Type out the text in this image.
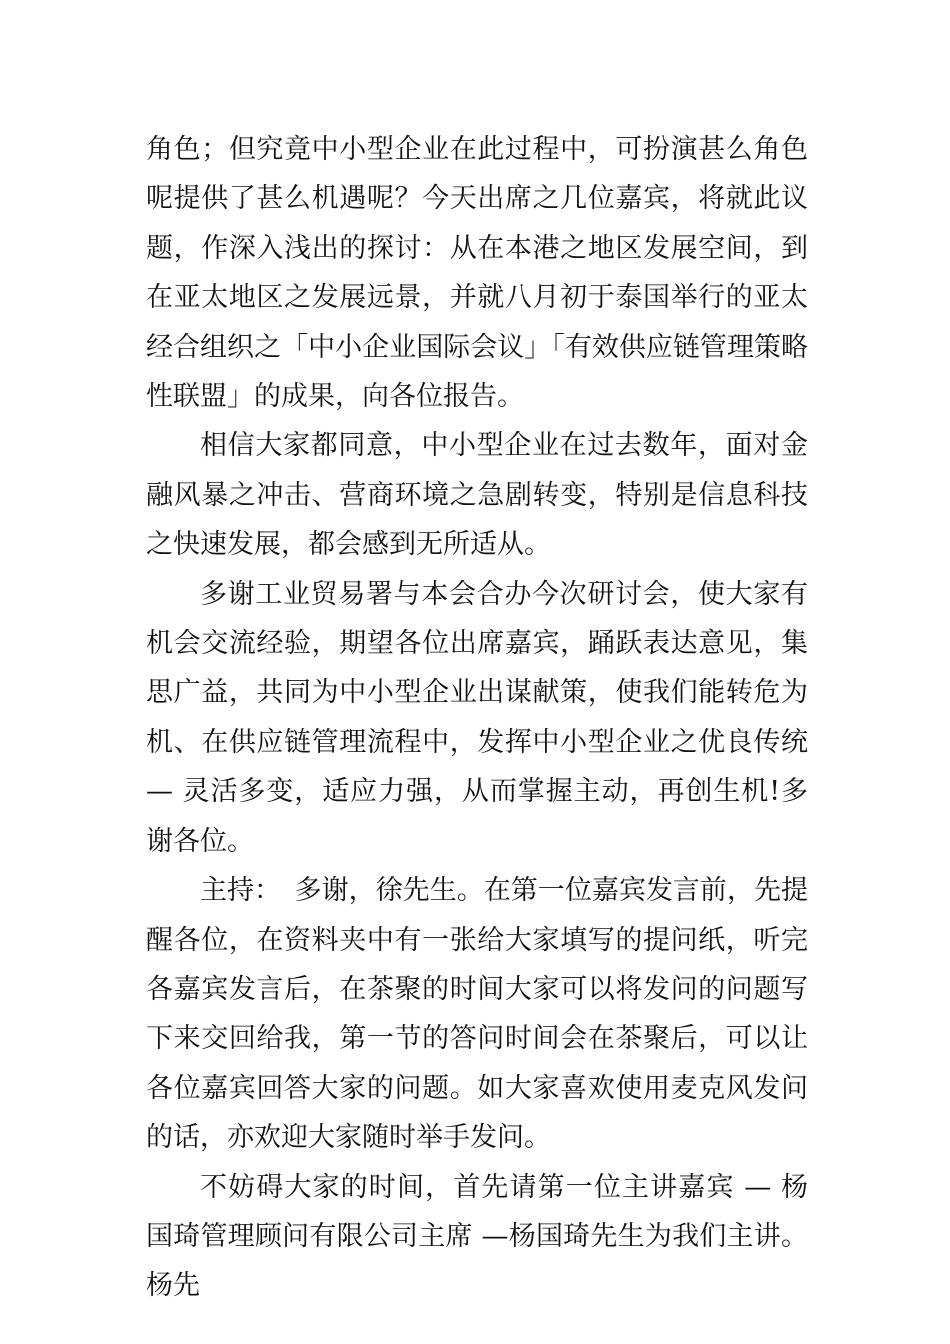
角色；但究竟中小型企业在此过程中，可扮演甚么角色呢提供了甚么机遇呢？今天出席之几位嘉宾，将就此议题，作深入浅出的探讨：从在本港之地区发展空间，到在亚太地区之发展远景，并就八月初于泰国举行的亚太经合组织之「中小企业国际会议」「有效供应链管理策略性联盟」的成果，向各位报告。

相信大家都同意，中小型企业在过去数年，面对金融风暴之冲击、营商环境之急剧转变，特别是信息科技之快速发展，都会感到无所适从。

多谢工业贸易署与本会合办今次研讨会，使大家有机会交流经验，期望各位出席嘉宾，踊跃表达意见，集思广益，共同为中小型企业出谋献策，使我们能转危为机、在供应链管理流程中，发挥中小型企业之优良传统 — 灵活多变，适应力强，从而掌握主动，再创生机!多谢各位。

主持：　多谢，徐先生。在第一位嘉宾发言前，先提醒各位，在资料夹中有一张给大家填写的提问纸，听完各嘉宾发言后，在茶聚的时间大家可以将发问的问题写下来交回给我，第一节的答问时间会在茶聚后，可以让各位嘉宾回答大家的问题。如大家喜欢使用麦克风发问的话，亦欢迎大家随时举手发问。

不妨碍大家的时间，首先请第一位主讲嘉宾 — 杨国琦管理顾问有限公司主席 —杨国琦先生为我们主讲。杨先
